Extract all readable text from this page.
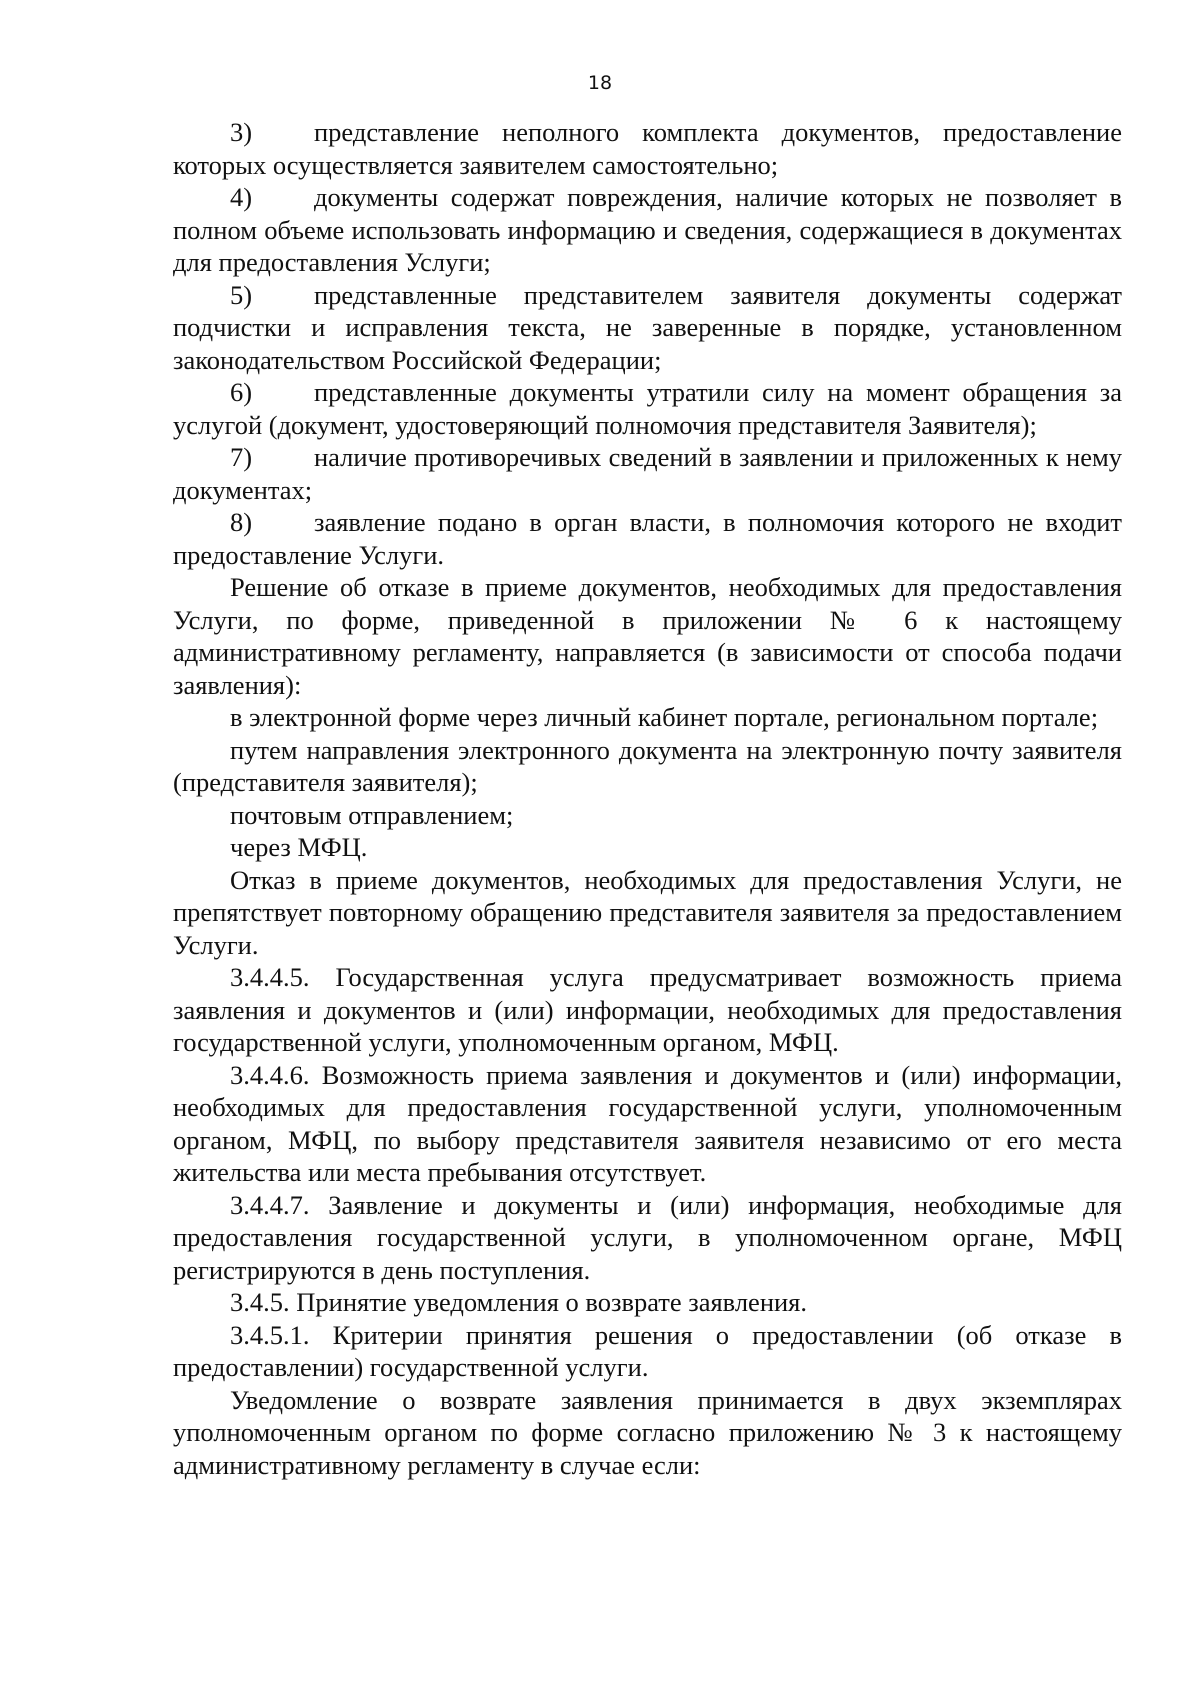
18

3) представление неполного комплекта документов, предоставление которых осуществляется заявителем самостоятельно;

4) документы содержат повреждения, наличие которых не позволяет в полном объеме использовать информацию и сведения, содержащиеся в документах для предоставления Услуги;

5) представленные представителем заявителя документы содержат подчистки и исправления текста, не заверенные в порядке, установленном законодательством Российской Федерации;

6) представленные документы утратили силу на момент обращения за услугой (документ, удостоверяющий полномочия представителя Заявителя);

7) наличие противоречивых сведений в заявлении и приложенных к нему документах;

8) заявление подано в орган власти, в полномочия которого не входит предоставление Услуги.

Решение об отказе в приеме документов, необходимых для предоставления Услуги, по форме, приведенной в приложении № 6 к настоящему административному регламенту, направляется (в зависимости от способа подачи заявления):

в электронной форме через личный кабинет портале, региональном портале;

путем направления электронного документа на электронную почту заявителя (представителя заявителя);

почтовым отправлением;

через МФЦ.

Отказ в приеме документов, необходимых для предоставления Услуги, не препятствует повторному обращению представителя заявителя за предоставлением Услуги.

3.4.4.5. Государственная услуга предусматривает возможность приема заявления и документов и (или) информации, необходимых для предоставления государственной услуги, уполномоченным органом, МФЦ.

3.4.4.6. Возможность приема заявления и документов и (или) информации, необходимых для предоставления государственной услуги, уполномоченным органом, МФЦ, по выбору представителя заявителя независимо от его места жительства или места пребывания отсутствует.

3.4.4.7. Заявление и документы и (или) информация, необходимые для предоставления государственной услуги, в уполномоченном органе, МФЦ регистрируются в день поступления.

3.4.5. Принятие уведомления о возврате заявления.

3.4.5.1. Критерии принятия решения о предоставлении (об отказе в предоставлении) государственной услуги.

Уведомление о возврате заявления принимается в двух экземплярах уполномоченным органом по форме согласно приложению № 3 к настоящему административному регламенту в случае если:
